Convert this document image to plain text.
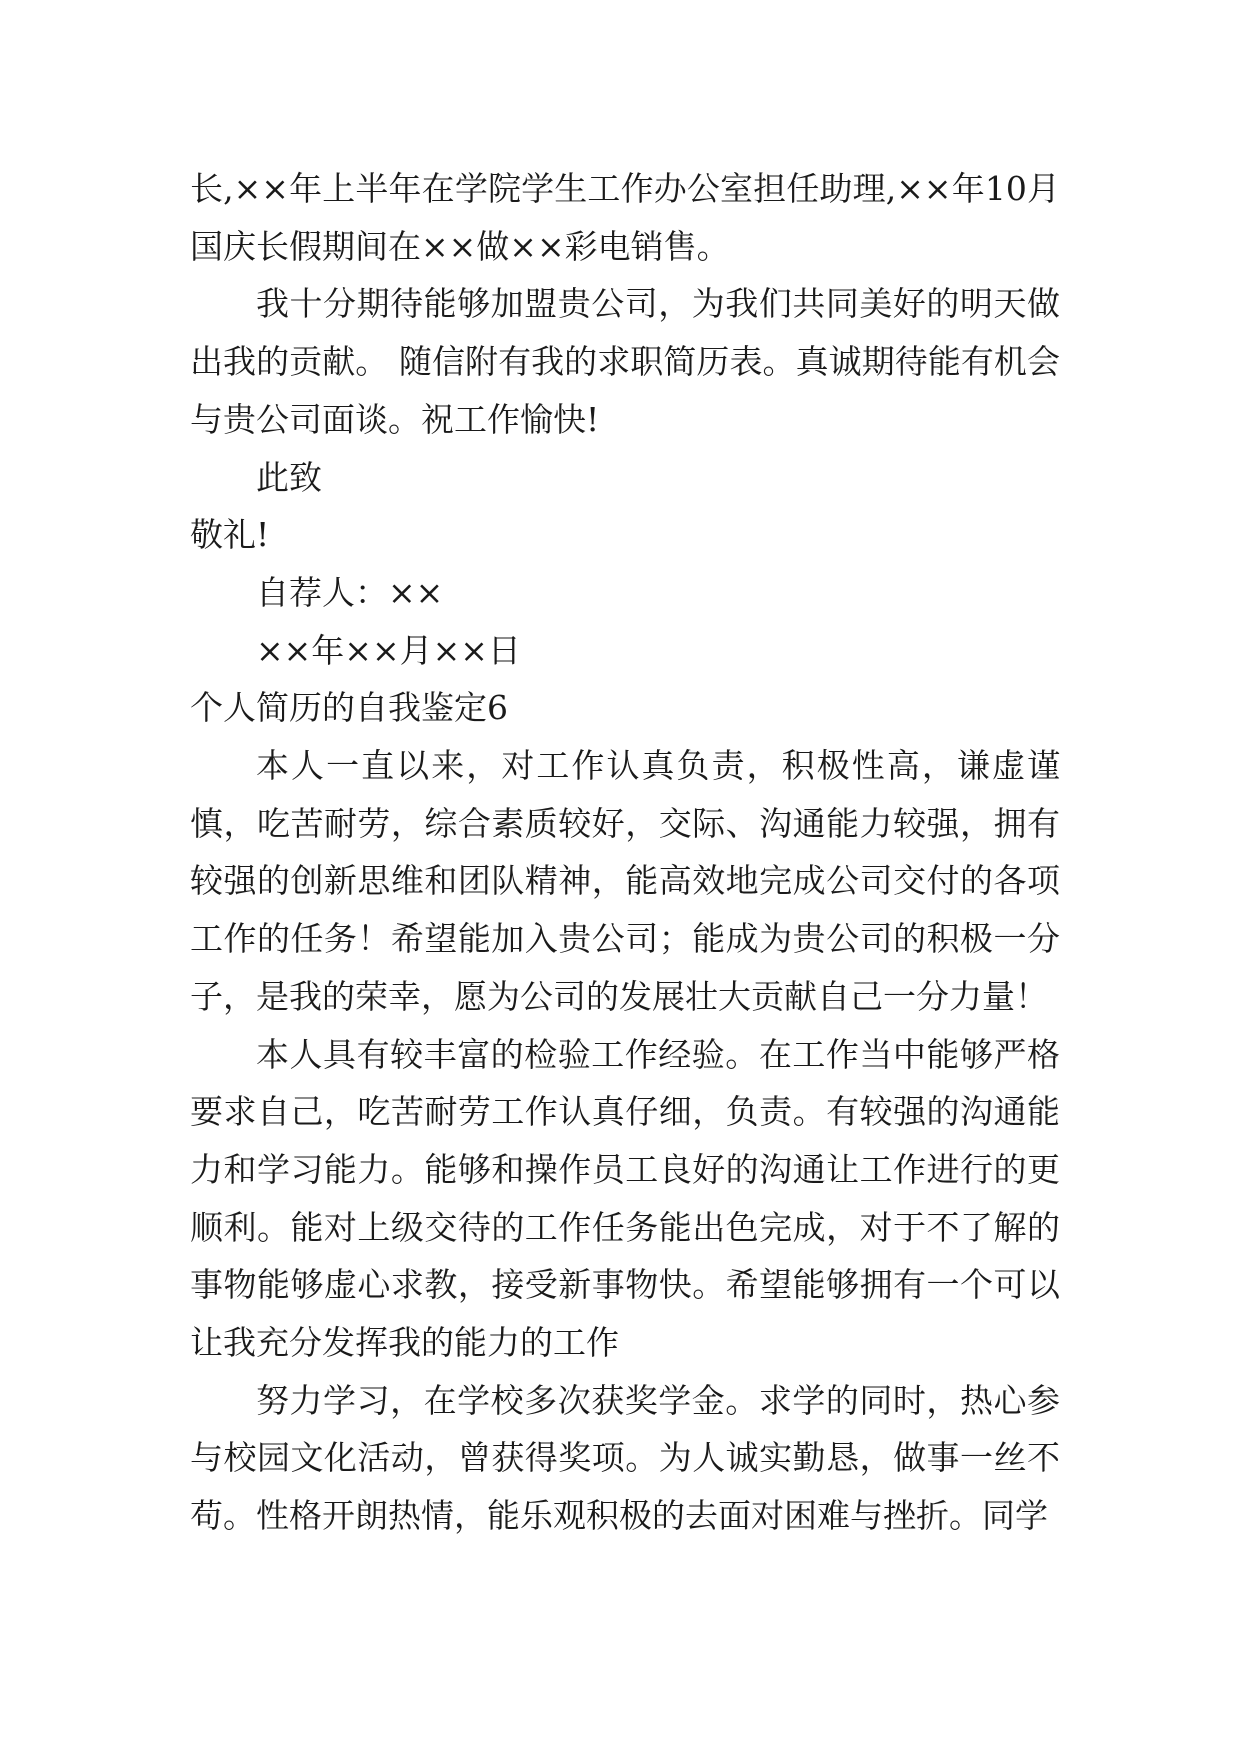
长,××年上半年在学院学生工作办公室担任助理,××年10月国庆长假期间在××做××彩电销售。

我十分期待能够加盟贵公司，为我们共同美好的明天做出我的贡献。 随信附有我的求职简历表。真诚期待能有机会与贵公司面谈。祝工作愉快!

此致

敬礼!

自荐人：××

××年××月××日

个人简历的自我鉴定6

本人一直以来，对工作认真负责，积极性高，谦虚谨慎，吃苦耐劳，综合素质较好，交际、沟通能力较强，拥有较强的创新思维和团队精神，能高效地完成公司交付的各项工作的任务！希望能加入贵公司；能成为贵公司的积极一分子，是我的荣幸，愿为公司的发展壮大贡献自己一分力量！

本人具有较丰富的检验工作经验。在工作当中能够严格要求自己，吃苦耐劳工作认真仔细，负责。有较强的沟通能力和学习能力。能够和操作员工良好的沟通让工作进行的更顺利。能对上级交待的工作任务能出色完成，对于不了解的事物能够虚心求教，接受新事物快。希望能够拥有一个可以让我充分发挥我的能力的工作

努力学习，在学校多次获奖学金。求学的同时，热心参与校园文化活动，曾获得奖项。为人诚实勤恳，做事一丝不苟。性格开朗热情，能乐观积极的去面对困难与挫折。同学
